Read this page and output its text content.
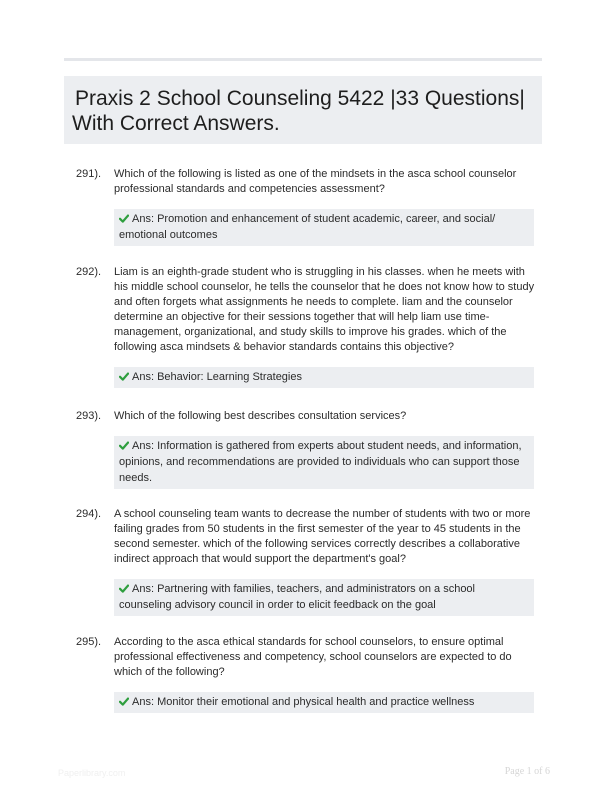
Praxis 2 School Counseling 5422 |33 Questions|
With Correct Answers.
291).	Which of the following is listed as one of the mindsets in the asca school counselor professional standards and competencies assessment?
Ans: Promotion and enhancement of student academic, career, and social/ emotional outcomes
292).	Liam is an eighth-grade student who is struggling in his classes. when he meets with his middle school counselor, he tells the counselor that he does not know how to study and often forgets what assignments he needs to complete. liam and the counselor determine an objective for their sessions together that will help liam use time-management, organizational, and study skills to improve his grades. which of the following asca mindsets & behavior standards contains this objective?
Ans: Behavior: Learning Strategies
293).	Which of the following best describes consultation services?
Ans: Information is gathered from experts about student needs, and information, opinions, and recommendations are provided to individuals who can support those needs.
294).	A school counseling team wants to decrease the number of students with two or more failing grades from 50 students in the first semester of the year to 45 students in the second semester. which of the following services correctly describes a collaborative indirect approach that would support the department's goal?
Ans: Partnering with families, teachers, and administrators on a school counseling advisory council in order to elicit feedback on the goal
295).	According to the asca ethical standards for school counselors, to ensure optimal professional effectiveness and competency, school counselors are expected to do which of the following?
Ans: Monitor their emotional and physical health and practice wellness
Paperlibrary.com	Page 1 of 6
